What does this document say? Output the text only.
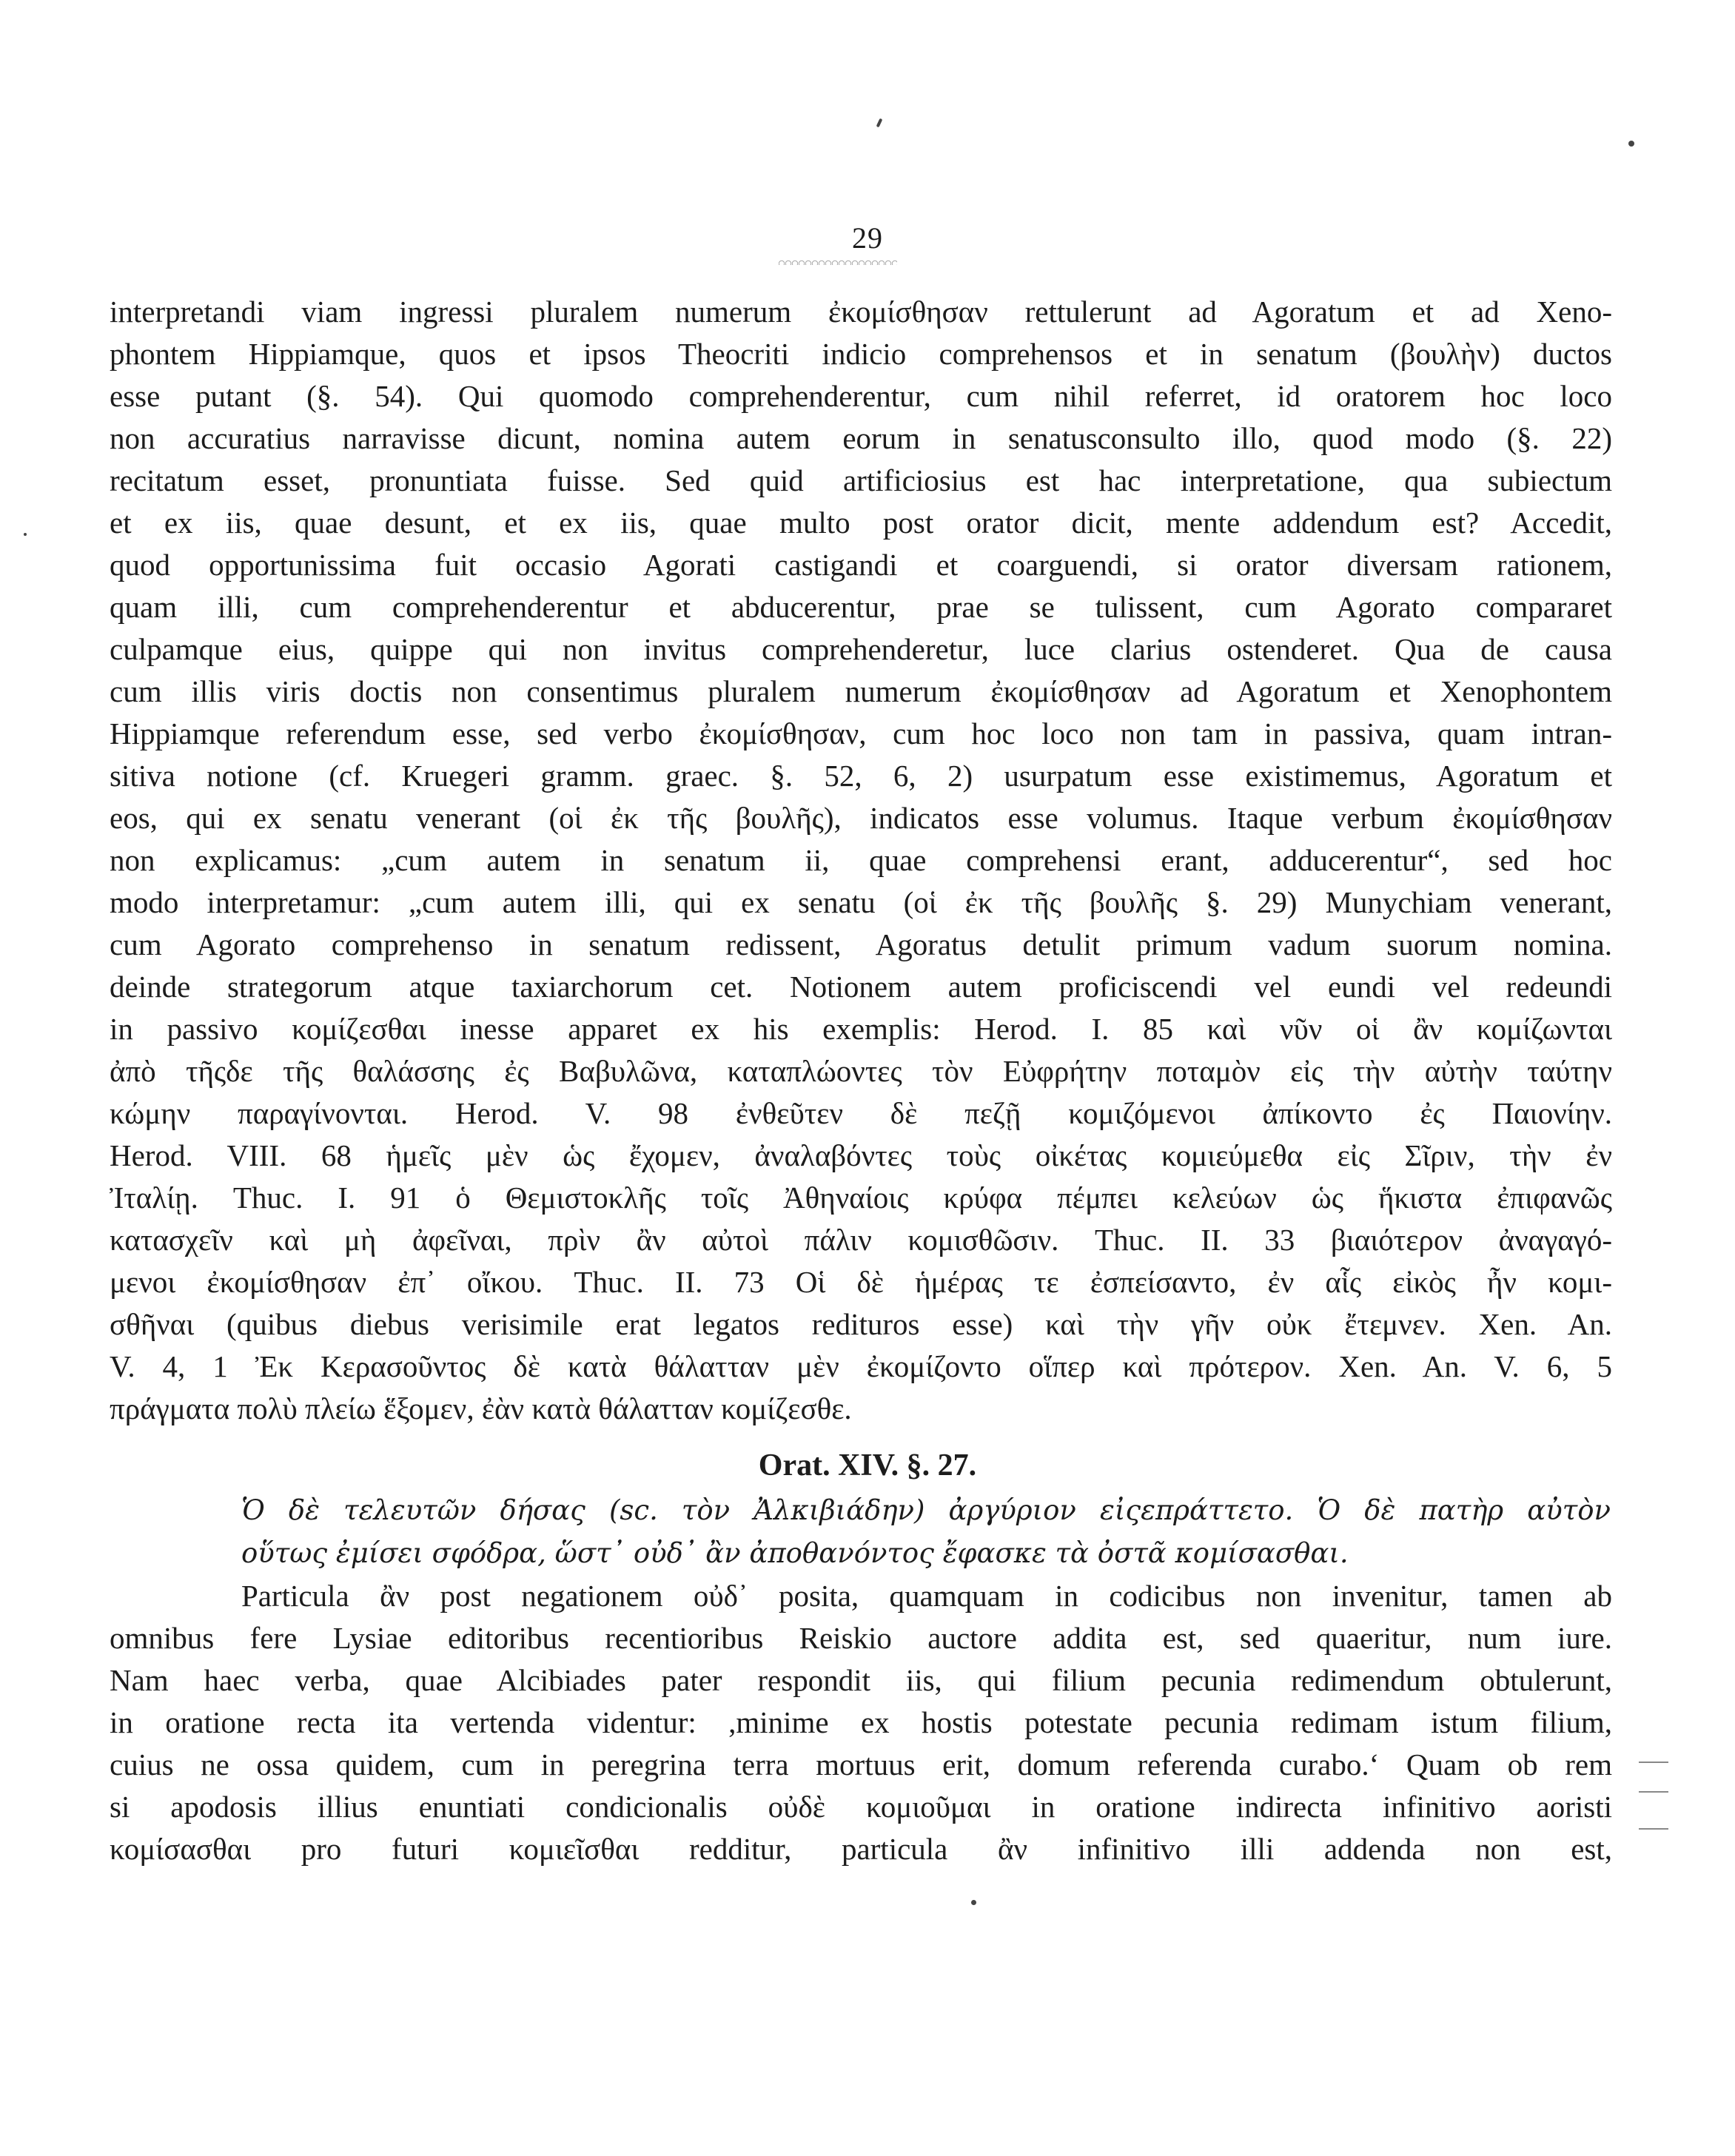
29
interpretandi viam ingressi pluralem numerum ἐκομίσθησαν rettulerunt ad Agoratum et ad Xeno-
phontem Hippiamque, quos et ipsos Theocriti indicio comprehensos et in senatum (βουλὴν) ductos
esse putant (§. 54). Qui quomodo comprehenderentur, cum nihil referret, id oratorem hoc loco
non accuratius narravisse dicunt, nomina autem eorum in senatusconsulto illo, quod modo (§. 22)
recitatum esset, pronuntiata fuisse. Sed quid artificiosius est hac interpretatione, qua subiectum
et ex iis, quae desunt, et ex iis, quae multo post orator dicit, mente addendum est? Accedit,
quod opportunissima fuit occasio Agorati castigandi et coarguendi, si orator diversam rationem,
quam illi, cum comprehenderentur et abducerentur, prae se tulissent, cum Agorato compararet
culpamque eius, quippe qui non invitus comprehenderetur, luce clarius ostenderet. Qua de causa
cum illis viris doctis non consentimus pluralem numerum ἐκομίσθησαν ad Agoratum et Xenophontem
Hippiamque referendum esse, sed verbo ἐκομίσθησαν, cum hoc loco non tam in passiva, quam intran-
sitiva notione (cf. Kruegeri gramm. graec. §. 52, 6, 2) usurpatum esse existimemus, Agoratum et
eos, qui ex senatu venerant (οἱ ἐκ τῆς βουλῆς), indicatos esse volumus. Itaque verbum ἐκομίσθησαν
non explicamus: „cum autem in senatum ii, quae comprehensi erant, adducerentur“, sed hoc
modo interpretamur: „cum autem illi, qui ex senatu (οἱ ἐκ τῆς βουλῆς §. 29) Munychiam venerant,
cum Agorato comprehenso in senatum redissent, Agoratus detulit primum vadum suorum nomina.
deinde strategorum atque taxiarchorum cet. Notionem autem proficiscendi vel eundi vel redeundi
in passivo κομίζεσθαι inesse apparet ex his exemplis: Herod. I. 85 καὶ νῦν οἱ ἂν κομίζωνται
ἀπὸ τῆςδε τῆς θαλάσσης ἐς Βαβυλῶνα, καταπλώοντες τὸν Εὐφρήτην ποταμὸν εἰς τὴν αὐτὴν ταύτην
κώμην παραγίνονται. Herod. V. 98 ἐνθεῦτεν δὲ πεζῇ κομιζόμενοι ἀπίκοντο ἐς Παιονίην.
Herod. VIII. 68 ἡμεῖς μὲν ὡς ἔχομεν, ἀναλαβόντες τοὺς οἰκέτας κομιεύμεθα εἰς Σῖριν, τὴν ἐν
Ἰταλίῃ. Thuc. I. 91 ὁ Θεμιστοκλῆς τοῖς Ἀθηναίοις κρύφα πέμπει κελεύων ὡς ἥκιστα ἐπιφανῶς
κατασχεῖν καὶ μὴ ἀφεῖναι, πρὶν ἂν αὐτοὶ πάλιν κομισθῶσιν. Thuc. II. 33 βιαιότερον ἀναγαγό-
μενοι ἐκομίσθησαν ἐπ᾽ οἴκου. Thuc. II. 73 Οἱ δὲ ἡμέρας τε ἐσπείσαντο, ἐν αἷς εἰκὸς ἦν κομι-
σθῆναι (quibus diebus verisimile erat legatos redituros esse) καὶ τὴν γῆν οὐκ ἔτεμνεν. Xen. An.
V. 4, 1 Ἐκ Κερασοῦντος δὲ κατὰ θάλατταν μὲν ἐκομίζοντο οἵπερ καὶ πρότερον. Xen. An. V. 6, 5
πράγματα πολὺ πλείω ἕξομεν, ἐὰν κατὰ θάλατταν κομίζεσθε.
Orat. XIV. §. 27.
Ὁ δὲ τελευτῶν δήσας (sc. τὸν Ἀλκιβιάδην) ἀργύριον εἰςεπράττετο. Ὁ δὲ πατὴρ αὐτὸν
οὕτως ἐμίσει σφόδρα, ὥστ᾽ οὐδ᾽ ἂν ἀποθανόντος ἔφασκε τὰ ὀστᾶ κομίσασθαι.
Particula ἂν post negationem οὐδ᾽ posita, quamquam in codicibus non invenitur, tamen ab
omnibus fere Lysiae editoribus recentioribus Reiskio auctore addita est, sed quaeritur, num iure.
Nam haec verba, quae Alcibiades pater respondit iis, qui filium pecunia redimendum obtulerunt,
in oratione recta ita vertenda videntur: ,minime ex hostis potestate pecunia redimam istum filium,
cuius ne ossa quidem, cum in peregrina terra mortuus erit, domum referenda curabo.‘ Quam ob rem
si apodosis illius enuntiati condicionalis οὐδὲ κομιοῦμαι in oratione indirecta infinitivo aoristi
κομίσασθαι pro futuri κομιεῖσθαι redditur, particula ἂν infinitivo illi addenda non est,
